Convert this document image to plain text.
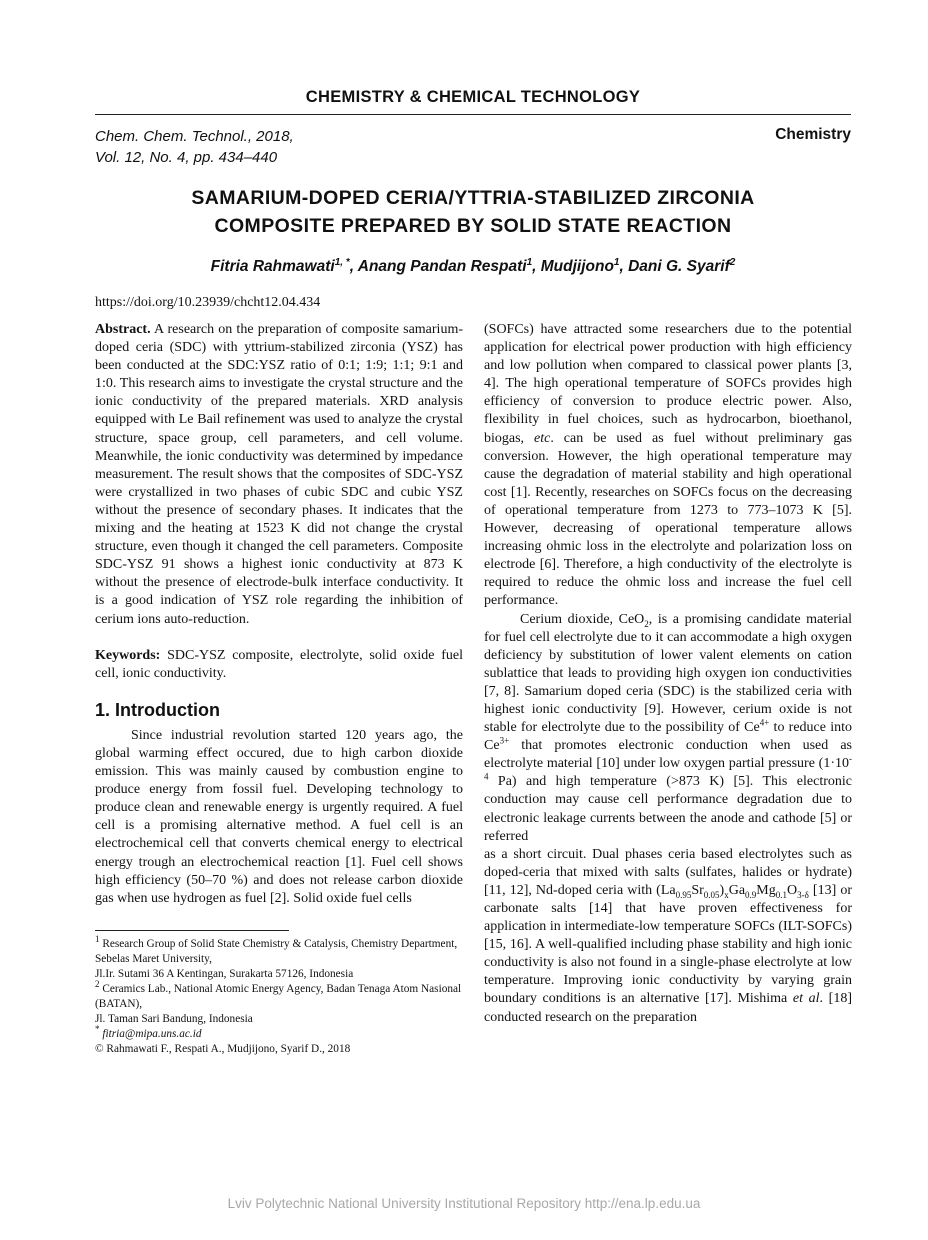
CHEMISTRY & CHEMICAL TECHNOLOGY
Chem. Chem. Technol., 2018,
Vol. 12, No. 4, pp. 434–440
Chemistry
SAMARIUM-DOPED CERIA/YTTRIA-STABILIZED ZIRCONIA
COMPOSITE PREPARED BY SOLID STATE REACTION
Fitria Rahmawati$^{1, *}$, Anang Pandan Respati$^1$, Mudjijono$^1$, Dani G. Syarif$^2$
https://doi.org/10.23939/chcht12.04.434

Abstract. A research on the preparation of composite samarium-doped ceria (SDC) with yttrium-stabilized zirconia (YSZ) has been conducted at the SDC:YSZ ratio of 0:1; 1:9; 1:1; 9:1 and 1:0. This research aims to investigate the crystal structure and the ionic conductivity of the prepared materials. XRD analysis equipped with Le Bail refinement was used to analyze the crystal structure, space group, cell parameters, and cell volume. Meanwhile, the ionic conductivity was determined by impedance measurement. The result shows that the composites of SDC-YSZ were crystallized in two phases of cubic SDC and cubic YSZ without the presence of secondary phases. It indicates that the mixing and the heating at 1523 K did not change the crystal structure, even though it changed the cell parameters. Composite SDC-YSZ 91 shows a highest ionic conductivity at 873 K without the presence of electrode-bulk interface conductivity. It is a good indication of YSZ role regarding the inhibition of cerium ions auto-reduction.

Keywords: SDC-YSZ composite, electrolyte, solid oxide fuel cell, ionic conductivity.

1. Introduction

Since industrial revolution started 120 years ago, the global warming effect occured, due to high carbon dioxide emission. This was mainly caused by combustion engine to produce energy from fossil fuel. Developing technology to produce clean and renewable energy is urgently required. A fuel cell is a promising alternative method. A fuel cell is an electrochemical cell that converts chemical energy to electrical energy trough an electrochemical reaction [1]. Fuel cell shows high efficiency (50–70 %) and does not release carbon dioxide gas when use hydrogen as fuel [2]. Solid oxide fuel cells

$^1$ Research Group of Solid State Chemistry & Catalysis, Chemistry Department, Sebelas Maret University,
Jl.Ir. Sutami 36 A Kentingan, Surakarta 57126, Indonesia
$^2$ Ceramics Lab., National Atomic Energy Agency, Badan Tenaga Atom Nasional (BATAN),
Jl. Taman Sari Bandung, Indonesia
* fitria@mipa.uns.ac.id
© Rahmawati F., Respati A., Mudjijono, Syarif D., 2018

(SOFCs) have attracted some researchers due to the potential application for electrical power production with high efficiency and low pollution when compared to classical power plants [3, 4]. The high operational temperature of SOFCs provides high efficiency of conversion to produce electric power. Also, flexibility in fuel choices, such as hydrocarbon, bioethanol, biogas, etc. can be used as fuel without preliminary gas conversion. However, the high operational temperature may cause the degradation of material stability and high operational cost [1]. Recently, researches on SOFCs focus on the decreasing of operational temperature from 1273 to 773–1073 K [5]. However, decreasing of operational temperature allows increasing ohmic loss in the electrolyte and polarization loss on electrode [6]. Therefore, a high conductivity of the electrolyte is required to reduce the ohmic loss and increase the fuel cell performance.

Cerium dioxide, CeO$_2$, is a promising candidate material for fuel cell electrolyte due to it can accommodate a high oxygen deficiency by substitution of lower valent elements on cation sublattice that leads to providing high oxygen ion conductivities [7, 8]. Samarium doped ceria (SDC) is the stabilized ceria with highest ionic conductivity [9]. However, cerium oxide is not stable for electrolyte due to the possibility of $Ce^{4+}$ to reduce into $Ce^{3+}$ that promotes electronic conduction when used as electrolyte material [10] under low oxygen partial pressure ($1\cdot 10^{-4}$ Pa) and high temperature (>873 K) [5]. This electronic conduction may cause cell performance degradation due to electronic leakage currents between the anode and cathode [5] or referred

as a short circuit. Dual phases ceria based electrolytes such as doped-ceria that mixed with salts (sulfates, halides or hydrate) [11, 12], Nd-doped ceria with $(La_{0.95}Sr_{0.05})_xGa_{0.9}Mg_{0.1}O_{3-\delta}$ [13] or carbonate salts [14] that have proven effectiveness for application in intermediate-low temperature SOFCs (ILT-SOFCs) [15, 16]. A well-qualified including phase stability and high ionic conductivity is also not found in a single-phase electrolyte at low temperature. Improving ionic conductivity by varying grain boundary conditions is an alternative [17]. Mishima et al. [18] conducted research on the preparation

Lviv Polytechnic National University Institutional Repository http://ena.lp.edu.ua
